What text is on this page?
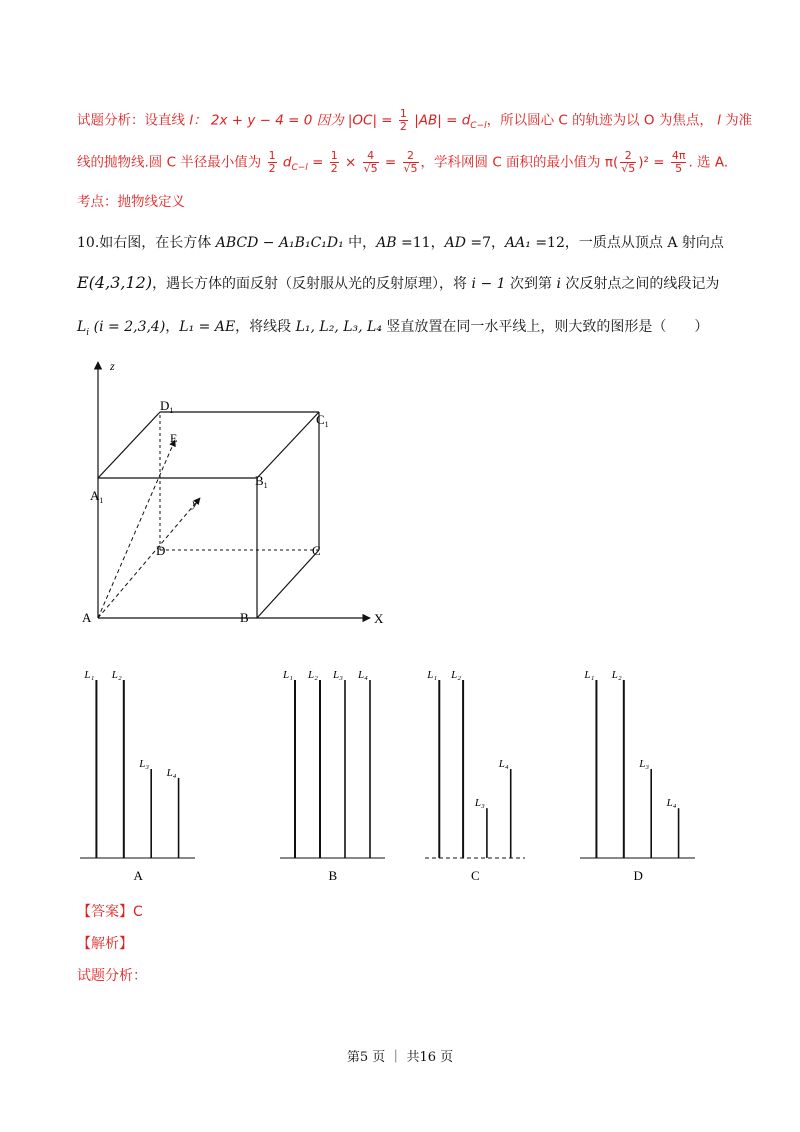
试题分析：设直线 l： 2x + y − 4 = 0 因为 $|OC| = \frac{1}{2} |AB| = d_{C-l}$，所以圆心 C 的轨迹为以 O 为焦点， l 为准
线的抛物线.圆 C 半径最小值为 $\frac{1}{2} d_{C-l} = \frac{1}{2} \times \frac{4}{√5} = \frac{2}{√5}$ ，学科网圆 C 面积的最小值为 $\pi( \frac{2}{√5} )^2 = \frac{4\pi}{5}$ . 选 A.
考点：抛物线定义
10.如右图，在长方体 ABCD − A₁B₁C₁D₁ 中，AB =11，AD =7，AA₁ =12，一质点从顶点 A 射向点
E(4,3,12)，遇长方体的面反射（反射服从光的反射原理），将 i − 1 次到第 i 次反射点之间的线段记为
$L_i$ (i = 2,3,4)，L₁ = AE，将线段 L₁, L₂, L₃, L₄ 竖直放置在同一水平线上，则大致的图形是（　　）
z
X
y
A	B
C
D
E
$A_1$
$B_1$
$C_1$
$D_1$
L₁ L₂
L₃
L₄
A
L₁ L₂ L₃ L₄
B
L₁ L₂
L₃
L₄
C
L₁ L₂
L₃
L₄
D
【答案】C
【解析】
试题分析：
第5 页 ｜ 共16 页
